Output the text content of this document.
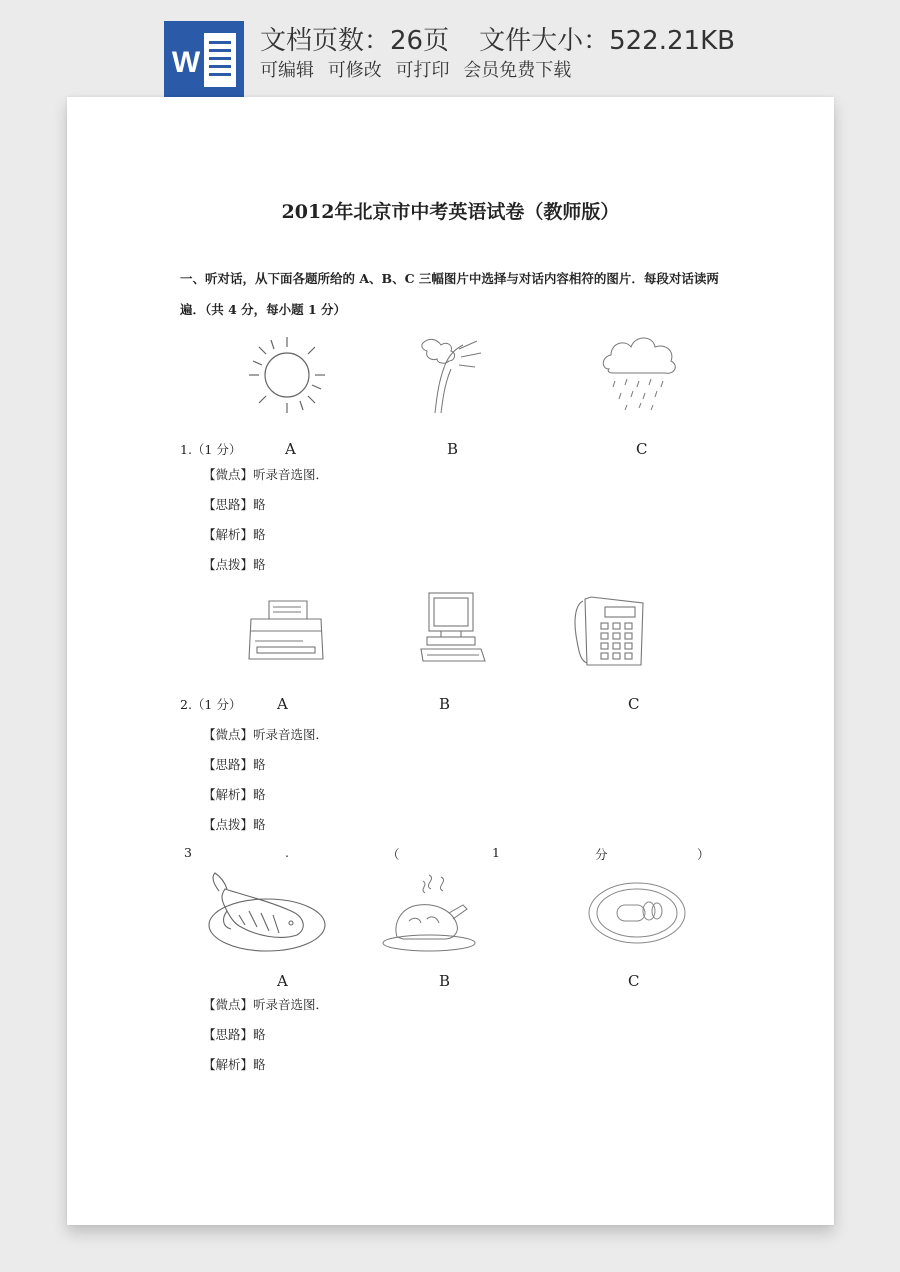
W
文档页数：26页 文件大小：522.21KB
可编辑 可修改 可打印 会员免费下载
2012年北京市中考英语试卷（教师版）
一、听对话，从下面各题所给的 A、B、C 三幅图片中选择与对话内容相符的图片．每段对话读两遍．（共 4 分，每小题 1 分）
1.（1 分）	A	B	C
【微点】听录音选图．
【思路】略
【解析】略
【点拨】略
2.（1 分） A	B	C
【微点】听录音选图．
【思路】略
【解析】略
【点拨】略
3	.	（	1	分	）
A	B	C
【微点】听录音选图．
【思路】略
【解析】略
